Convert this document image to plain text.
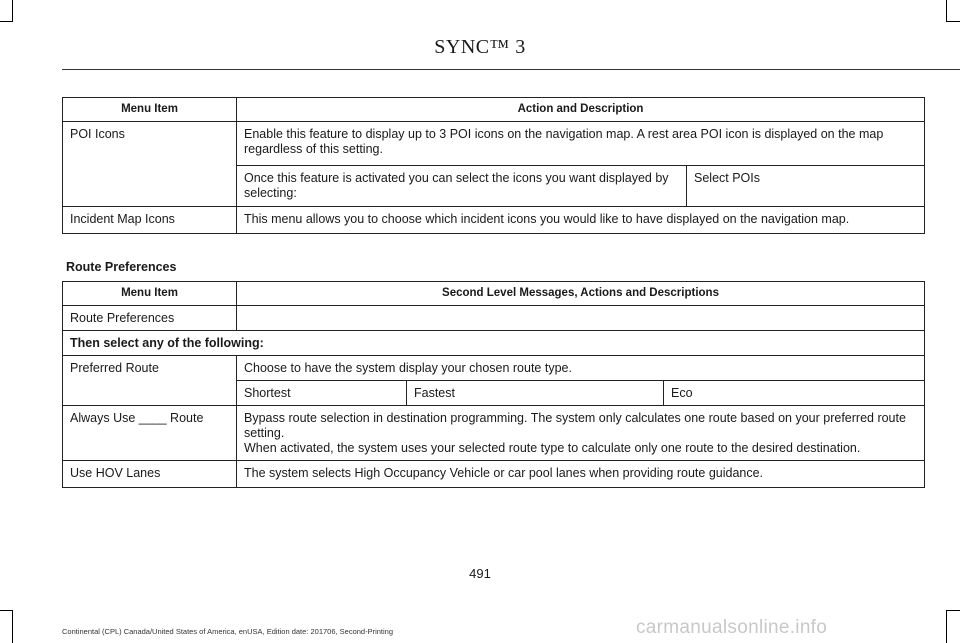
SYNC™ 3
Menu Item	Action and Description	
POI Icons	Enable this feature to display up to 3 POI icons on the navigation map. A rest area POI icon is displayed on the map regardless of this setting.	
	Once this feature is activated you can select the icons you want displayed by selecting:	Select POIs
Incident Map Icons	This menu allows you to choose which incident icons you would like to have displayed on the navigation map.	
Route Preferences
Menu Item	Second Level Messages, Actions and Descriptions		
Route Preferences			
Then select any of the following:			
Preferred Route	Choose to have the system display your chosen route type.		
	Shortest	Fastest	Eco
Always Use ____ Route	Bypass route selection in destination programming. The system only calculates one route based on your preferred route setting.
When activated, the system uses your selected route type to calculate only one route to the desired destination.		
Use HOV Lanes	The system selects High Occupancy Vehicle or car pool lanes when providing route guidance.		
491
Continental (CPL) Canada/United States of America, enUSA, Edition date: 201706, Second-Printing	carmanualsonline.info
